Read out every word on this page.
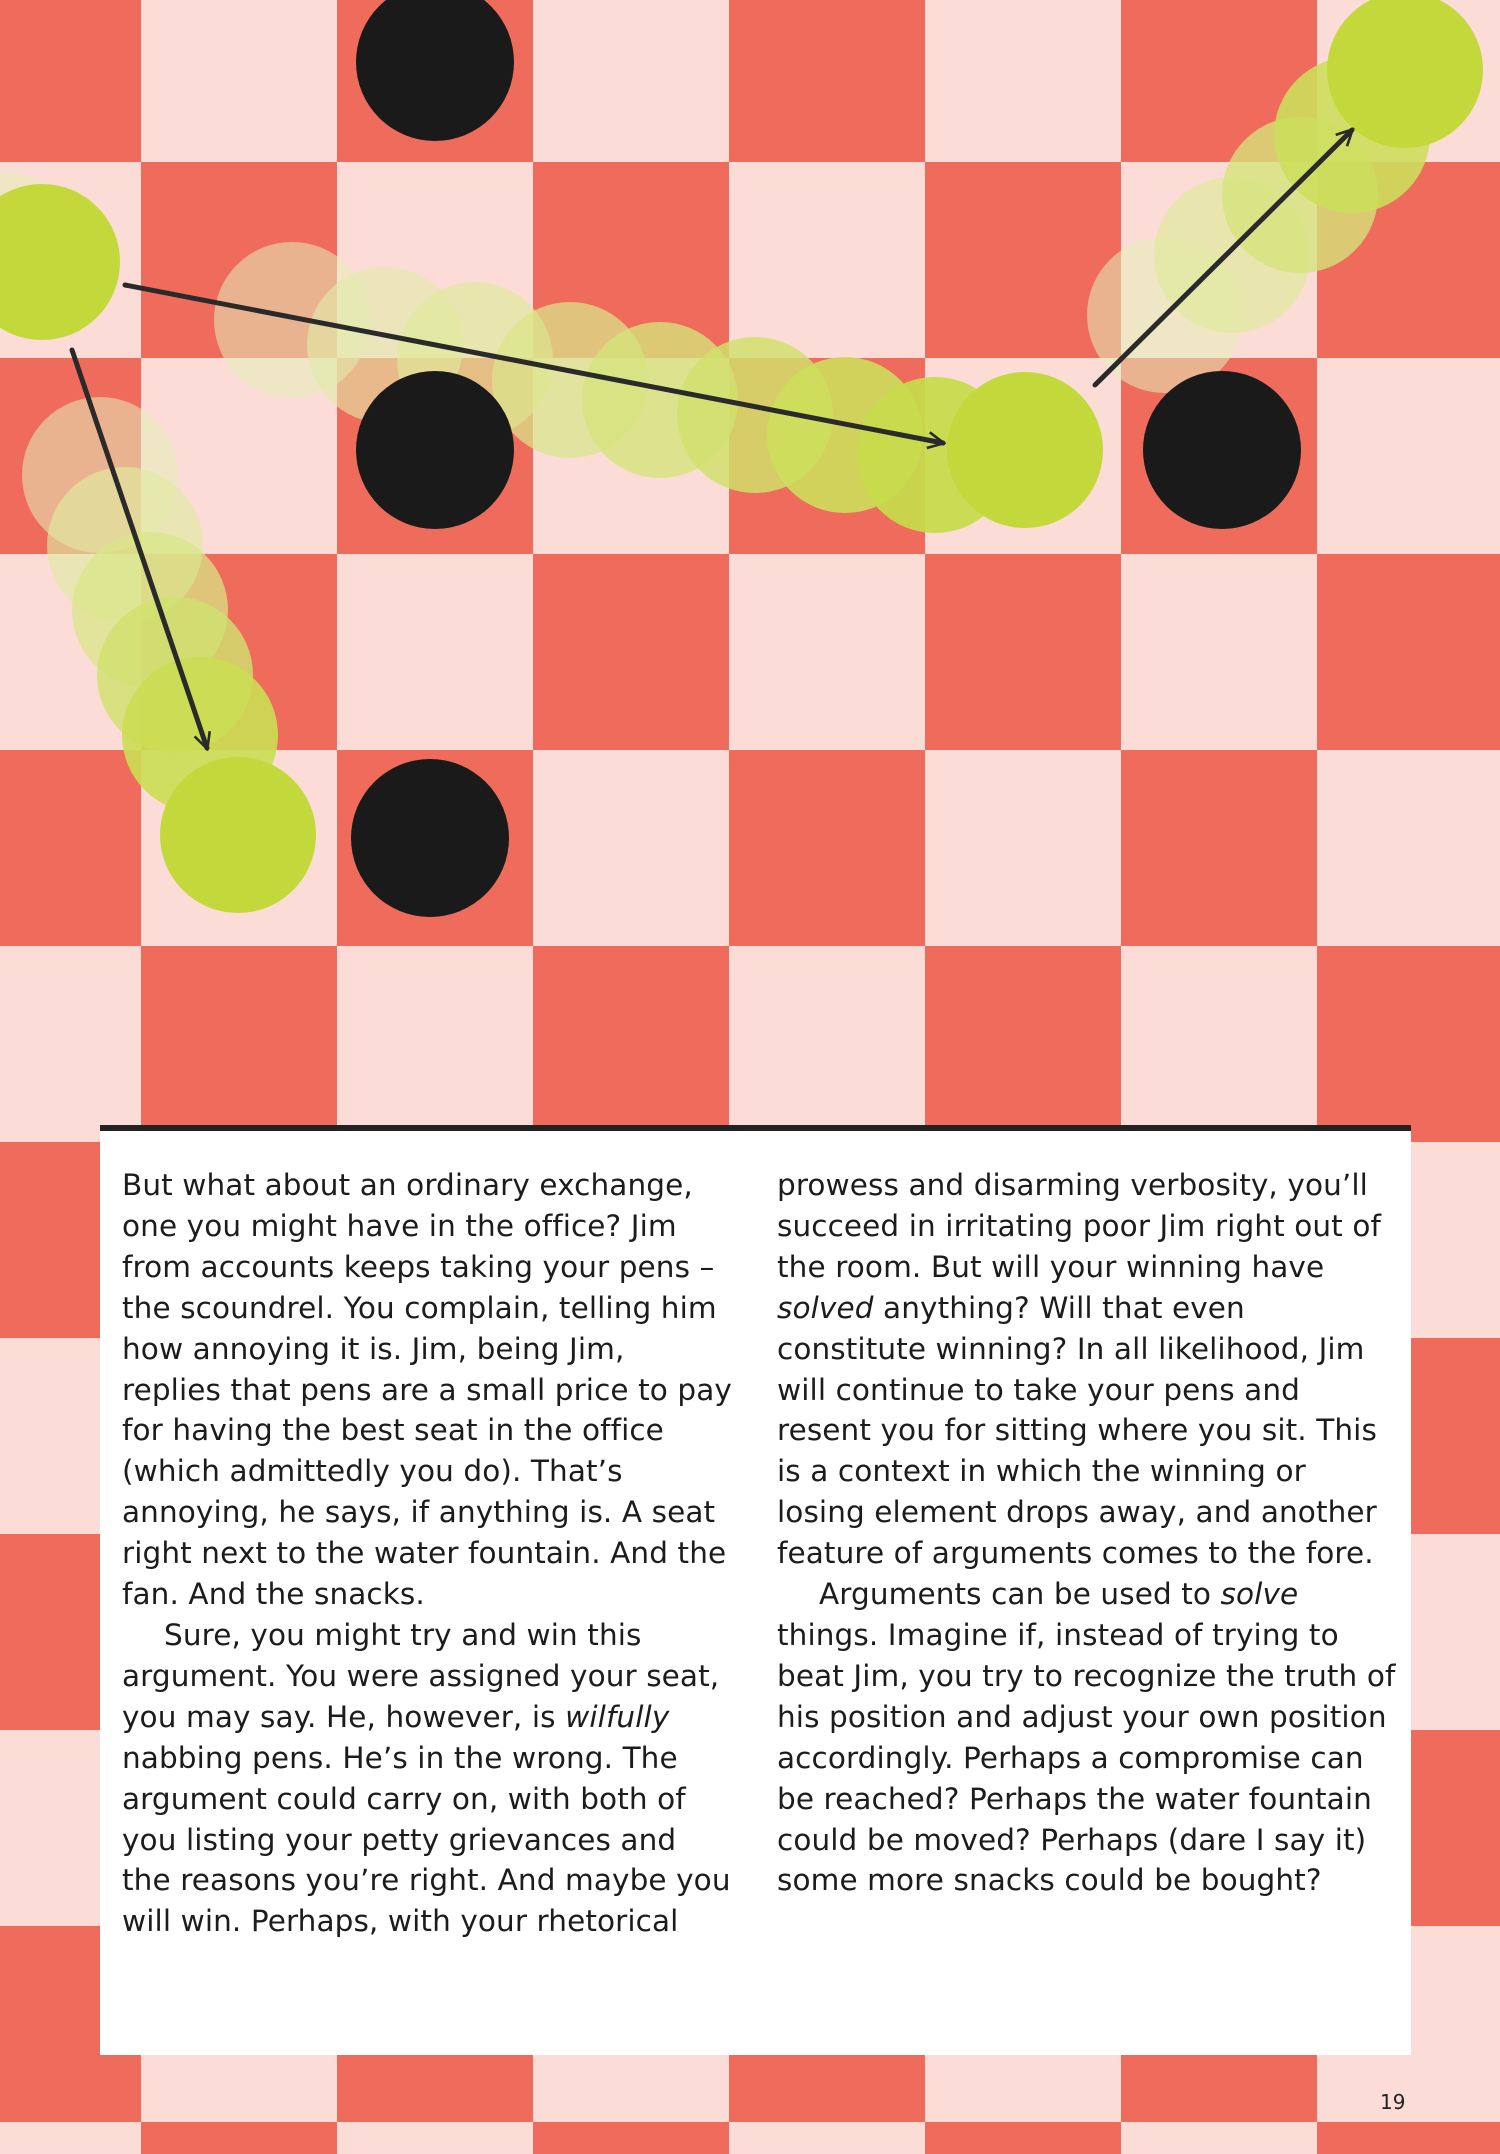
But what about an ordinary exchange, one you might have in the office? Jim from accounts keeps taking your pens – the scoundrel. You complain, telling him how annoying it is. Jim, being Jim, replies that pens are a small price to pay for having the best seat in the office (which admittedly you do). That’s annoying, he says, if anything is. A seat right next to the water fountain. And the fan. And the snacks.

Sure, you might try and win this argument. You were assigned your seat, you may say. He, however, is wilfully nabbing pens. He’s in the wrong. The argument could carry on, with both of you listing your petty grievances and the reasons you’re right. And maybe you will win. Perhaps, with your rhetorical

prowess and disarming verbosity, you’ll succeed in irritating poor Jim right out of the room. But will your winning have solved anything? Will that even constitute winning? In all likelihood, Jim will continue to take your pens and resent you for sitting where you sit. This is a context in which the winning or losing element drops away, and another feature of arguments comes to the fore.

Arguments can be used to solve things. Imagine if, instead of trying to beat Jim, you try to recognize the truth of his position and adjust your own position accordingly. Perhaps a compromise can be reached? Perhaps the water fountain could be moved? Perhaps (dare I say it) some more snacks could be bought?

19
